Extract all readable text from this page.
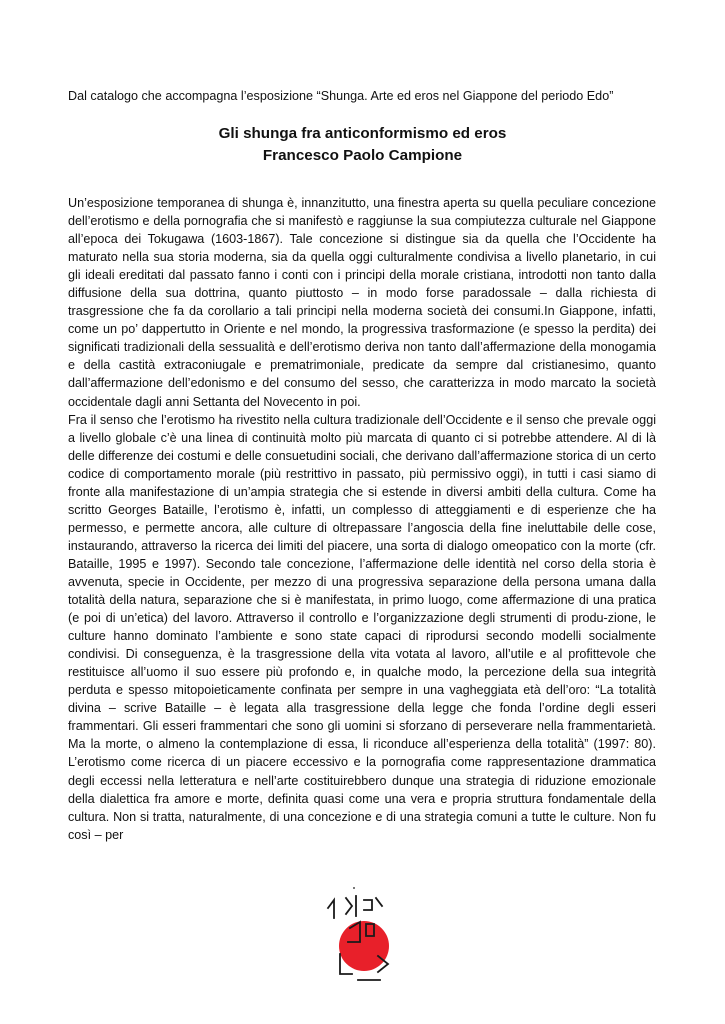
Dal catalogo che accompagna l’esposizione “Shunga. Arte ed eros nel Giappone del periodo Edo”
Gli shunga fra anticonformismo ed eros
Francesco Paolo Campione

Un’esposizione temporanea di shunga è, innanzitutto, una finestra aperta su quella peculiare concezione dell’erotismo e della pornografia che si manifestò e raggiunse la sua compiutezza culturale nel Giappone all’epoca dei Tokugawa (1603-1867). Tale concezione si distingue sia da quella che l’Occidente ha maturato nella sua storia moderna, sia da quella oggi culturalmente condivisa a livello planetario, in cui gli ideali ereditati dal passato fanno i conti con i principi della morale cristiana, introdotti non tanto dalla diffusione della sua dottrina, quanto piuttosto – in modo forse paradossale – dalla richiesta di trasgressione che fa da corollario a tali principi nella moderna società dei consumi.In Giappone, infatti, come un po’ dappertutto in Oriente e nel mondo, la progressiva trasformazione (e spesso la perdita) dei significati tradizionali della sessualità e dell’erotismo deriva non tanto dall’affermazione della monogamia e della castità extraconiugale e prematrimoniale, predicate da sempre dal cristianesimo, quanto dall’affermazione dell’edonismo e del consumo del sesso, che caratterizza in modo marcato la società occidentale dagli anni Settanta del Novecento in poi.

Fra il senso che l’erotismo ha rivestito nella cultura tradizionale dell’Occidente e il senso che prevale oggi a livello globale c’è una linea di continuità molto più marcata di quanto ci si potrebbe attendere. Al di là delle differenze dei costumi e delle consuetudini sociali, che derivano dall’affermazione storica di un certo codice di comportamento morale (più restrittivo in passato, più permissivo oggi), in tutti i casi siamo di fronte alla manifestazione di un’ampia strategia che si estende in diversi ambiti della cultura. Come ha scritto Georges Bataille, l’erotismo è, infatti, un complesso di atteggiamenti e di esperienze che ha permesso, e permette ancora, alle culture di oltrepassare l’angoscia della fine ineluttabile delle cose, instaurando, attraverso la ricerca dei limiti del piacere, una sorta di dialogo omeopatico con la morte (cfr. Bataille, 1995 e 1997). Secondo tale concezione, l’affermazione delle identità nel corso della storia è avvenuta, specie in Occidente, per mezzo di una progressiva separazione della persona umana dalla totalità della natura, separazione che si è manifestata, in primo luogo, come affermazione di una pratica (e poi di un’etica) del lavoro. Attraverso il controllo e l’organizzazione degli strumenti di produ-zione, le culture hanno dominato l’ambiente e sono state capaci di riprodursi secondo modelli socialmente condivisi. Di conseguenza, è la trasgressione della vita votata al lavoro, all’utile e al profittevole che restituisce all’uomo il suo essere più profondo e, in qualche modo, la percezione della sua integrità perduta e spesso mitopoieticamente confinata per sempre in una vagheggiata età dell’oro: “La totalità divina – scrive Bataille – è legata alla trasgressione della legge che fonda l’ordine degli esseri frammentari. Gli esseri frammentari che sono gli uomini si sforzano di perseverare nella frammentarietà. Ma la morte, o almeno la contemplazione di essa, li riconduce all’esperienza della totalità” (1997: 80). L’erotismo come ricerca di un piacere eccessivo e la pornografia come rappresentazione drammatica degli eccessi nella letteratura e nell’arte costituirebbero dunque una strategia di riduzione emozionale della dialettica fra amore e morte, definita quasi come una vera e propria struttura fondamentale della cultura. Non si tratta, naturalmente, di una concezione e di una strategia comuni a tutte le culture. Non fu così – per
